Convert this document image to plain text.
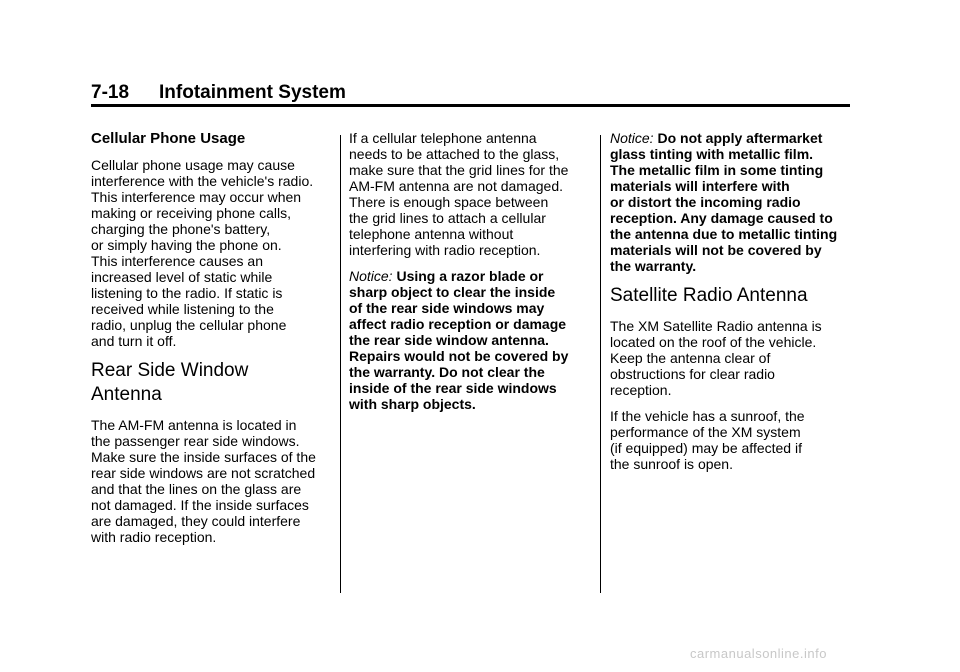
7-18 Infotainment System
Cellular Phone Usage

Cellular phone usage may cause
interference with the vehicle's radio.
This interference may occur when
making or receiving phone calls,
charging the phone's battery,
or simply having the phone on.
This interference causes an
increased level of static while
listening to the radio. If static is
received while listening to the
radio, unplug the cellular phone
and turn it off.

Rear Side Window
Antenna

The AM-FM antenna is located in
the passenger rear side windows.
Make sure the inside surfaces of the
rear side windows are not scratched
and that the lines on the glass are
not damaged. If the inside surfaces
are damaged, they could interfere
with radio reception.

If a cellular telephone antenna
needs to be attached to the glass,
make sure that the grid lines for the
AM-FM antenna are not damaged.
There is enough space between
the grid lines to attach a cellular
telephone antenna without
interfering with radio reception.

Notice: Using a razor blade or
sharp object to clear the inside
of the rear side windows may
affect radio reception or damage
the rear side window antenna.
Repairs would not be covered by
the warranty. Do not clear the
inside of the rear side windows
with sharp objects.

Notice: Do not apply aftermarket
glass tinting with metallic film.
The metallic film in some tinting
materials will interfere with
or distort the incoming radio
reception. Any damage caused to
the antenna due to metallic tinting
materials will not be covered by
the warranty.

Satellite Radio Antenna

The XM Satellite Radio antenna is
located on the roof of the vehicle.
Keep the antenna clear of
obstructions for clear radio
reception.

If the vehicle has a sunroof, the
performance of the XM system
(if equipped) may be affected if
the sunroof is open.

carmanualsonline.info
